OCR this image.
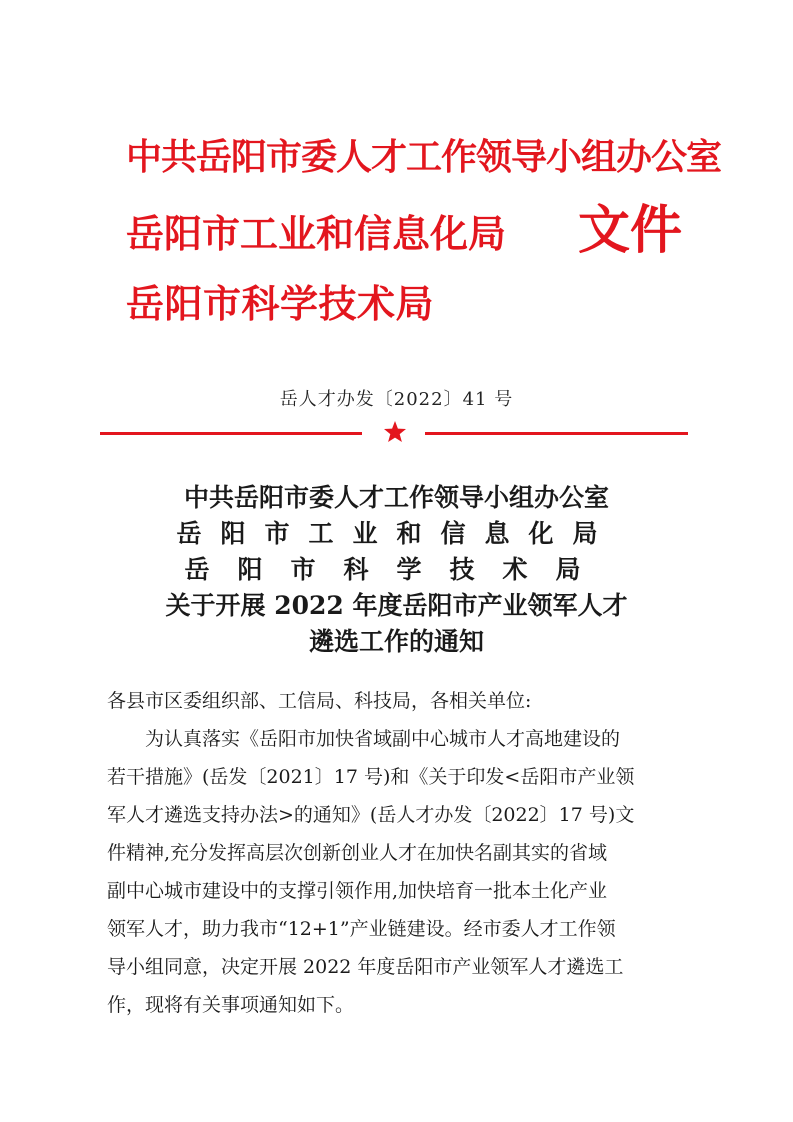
中共岳阳市委人才工作领导小组办公室
岳阳市工业和信息化局
岳阳市科学技术局
文件
岳人才办发〔2022〕41 号
中共岳阳市委人才工作领导小组办公室
岳阳市工业和信息化局
岳阳市科学技术局
关于开展 2022 年度岳阳市产业领军人才
遴选工作的通知

各县市区委组织部、工信局、科技局，各相关单位:

为认真落实《岳阳市加快省域副中心城市人才高地建设的

若干措施》(岳发〔2021〕17 号)和《关于印发<岳阳市产业领

军人才遴选支持办法>的通知》(岳人才办发〔2022〕17 号)文

件精神,充分发挥高层次创新创业人才在加快名副其实的省域

副中心城市建设中的支撑引领作用,加快培育一批本土化产业

领军人才，助力我市“12+1”产业链建设。经市委人才工作领

导小组同意，决定开展 2022 年度岳阳市产业领军人才遴选工

作，现将有关事项通知如下。
